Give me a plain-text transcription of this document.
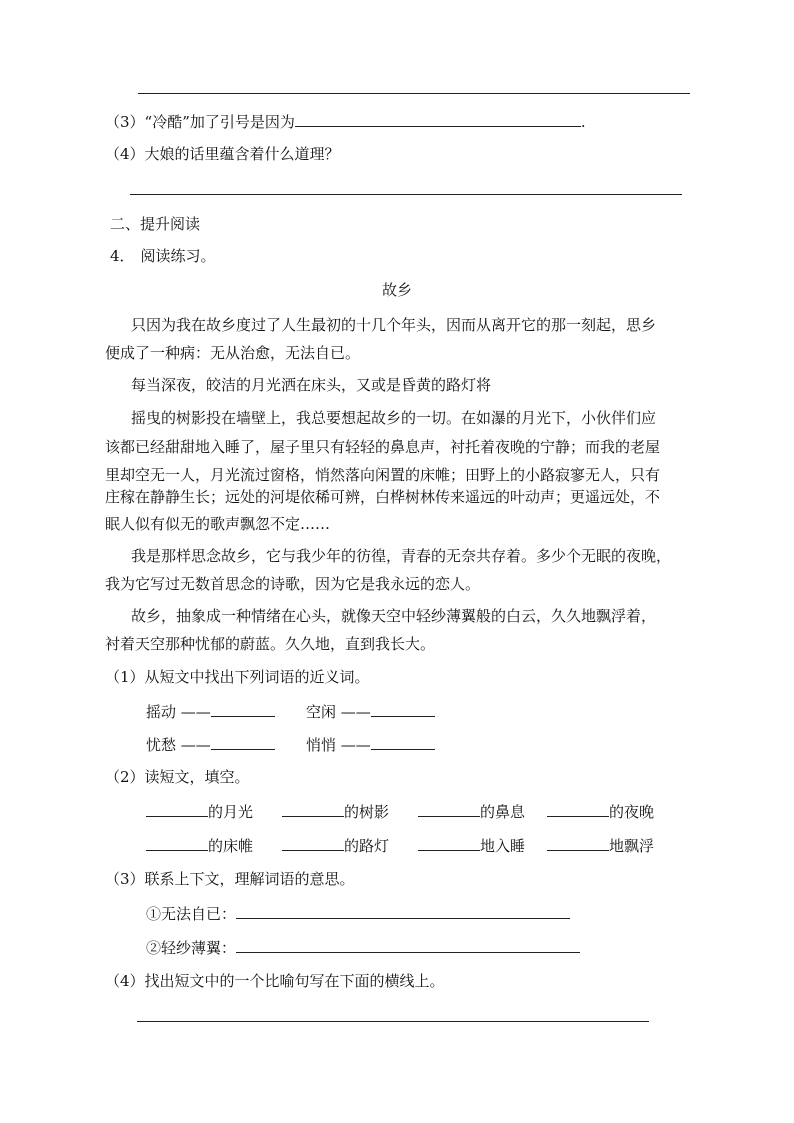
（3）“冷酷”加了引号是因为	.
（4）大娘的话里蕴含着什么道理？
二、提升阅读
4． 阅读练习。
故乡
只因为我在故乡度过了人生最初的十几个年头，因而从离开它的那一刻起，思乡
便成了一种病：无从治愈，无法自已。
每当深夜，皎洁的月光洒在床头，又或是昏黄的路灯将
摇曳的树影投在墙壁上，我总要想起故乡的一切。在如瀑的月光下，小伙伴们应
该都已经甜甜地入睡了，屋子里只有轻轻的鼻息声，衬托着夜晚的宁静；而我的老屋
里却空无一人，月光流过窗格，悄然落向闲置的床帷；田野上的小路寂寥无人，只有
庄稼在静静生长；远处的河堤依稀可辨，白桦树林传来遥远的叶动声；更遥远处，不
眠人似有似无的歌声飘忽不定……
我是那样思念故乡，它与我少年的彷徨，青春的无奈共存着。多少个无眠的夜晚，
我为它写过无数首思念的诗歌，因为它是我永远的恋人。
故乡，抽象成一种情绪在心头，就像天空中轻纱薄翼般的白云，久久地飘浮着，
衬着天空那种忧郁的蔚蓝。久久地，直到我长大。
（1）从短文中找出下列词语的近义词。
摇动 ——	空闲 ——
忧愁 ——	悄悄 ——
（2）读短文，填空。
的月光	的树影	的鼻息	的夜晚
的床帷	的路灯	地入睡	地飘浮
（3）联系上下文，理解词语的意思。
①无法自已：
②轻纱薄翼：
（4）找出短文中的一个比喻句写在下面的横线上。
